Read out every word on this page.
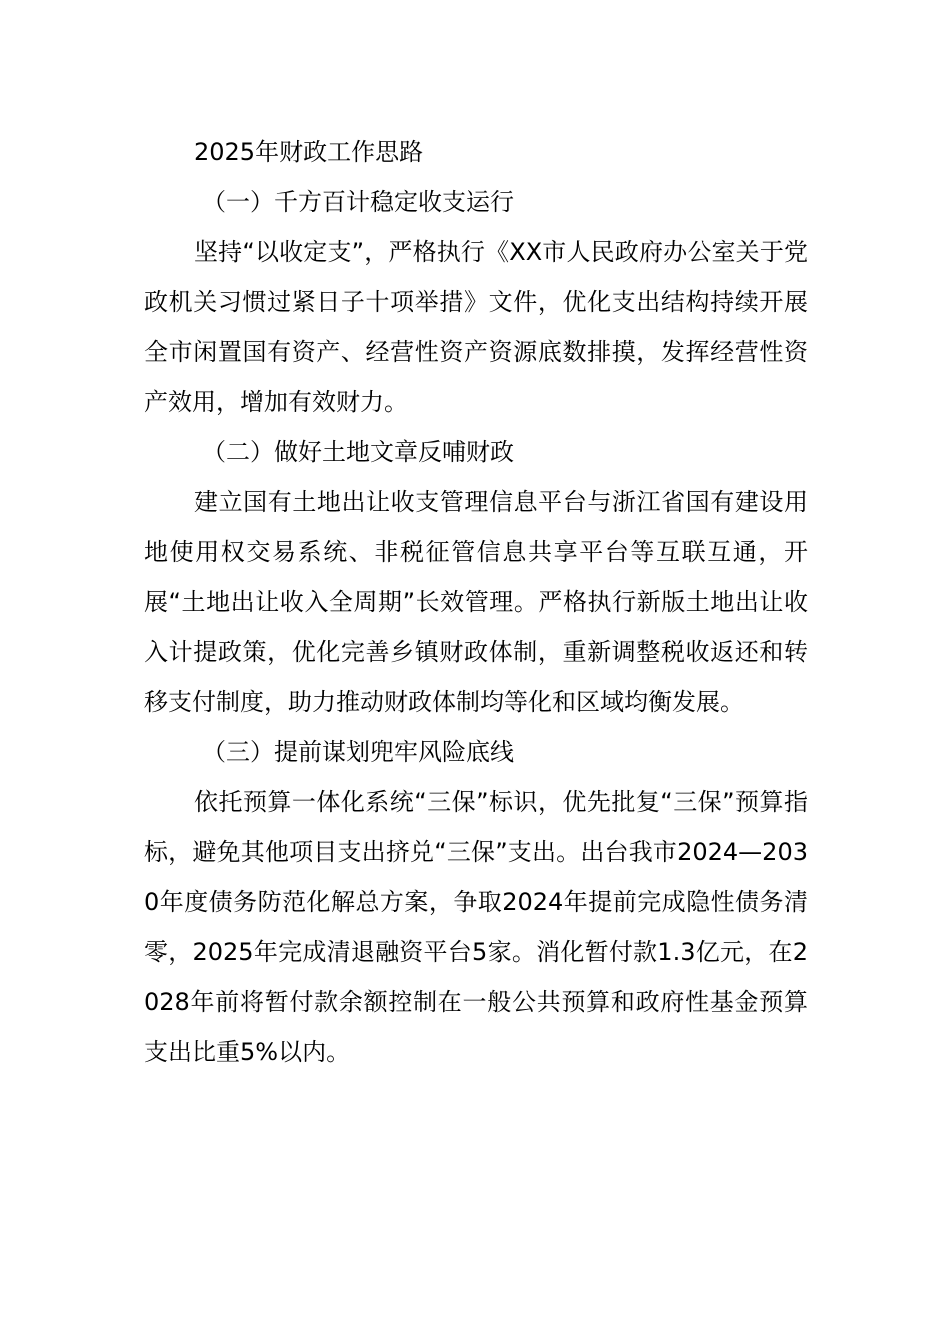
2025年财政工作思路
（一）千方百计稳定收支运行

坚持“以收定支”，严格执行《XX市人民政府办公室关于党政机关习惯过紧日子十项举措》文件，优化支出结构持续开展全市闲置国有资产、经营性资产资源底数排摸，发挥经营性资产效用，增加有效财力。

（二）做好土地文章反哺财政

建立国有土地出让收支管理信息平台与浙江省国有建设用地使用权交易系统、非税征管信息共享平台等互联互通，开展“土地出让收入全周期”长效管理。严格执行新版土地出让收入计提政策，优化完善乡镇财政体制，重新调整税收返还和转移支付制度，助力推动财政体制均等化和区域均衡发展。

（三）提前谋划兜牢风险底线

依托预算一体化系统“三保”标识，优先批复“三保”预算指标，避免其他项目支出挤兑“三保”支出。出台我市2024—2030年度债务防范化解总方案，争取2024年提前完成隐性债务清零，2025年完成清退融资平台5家。消化暂付款1.3亿元，在2028年前将暂付款余额控制在一般公共预算和政府性基金预算支出比重5%以内。
